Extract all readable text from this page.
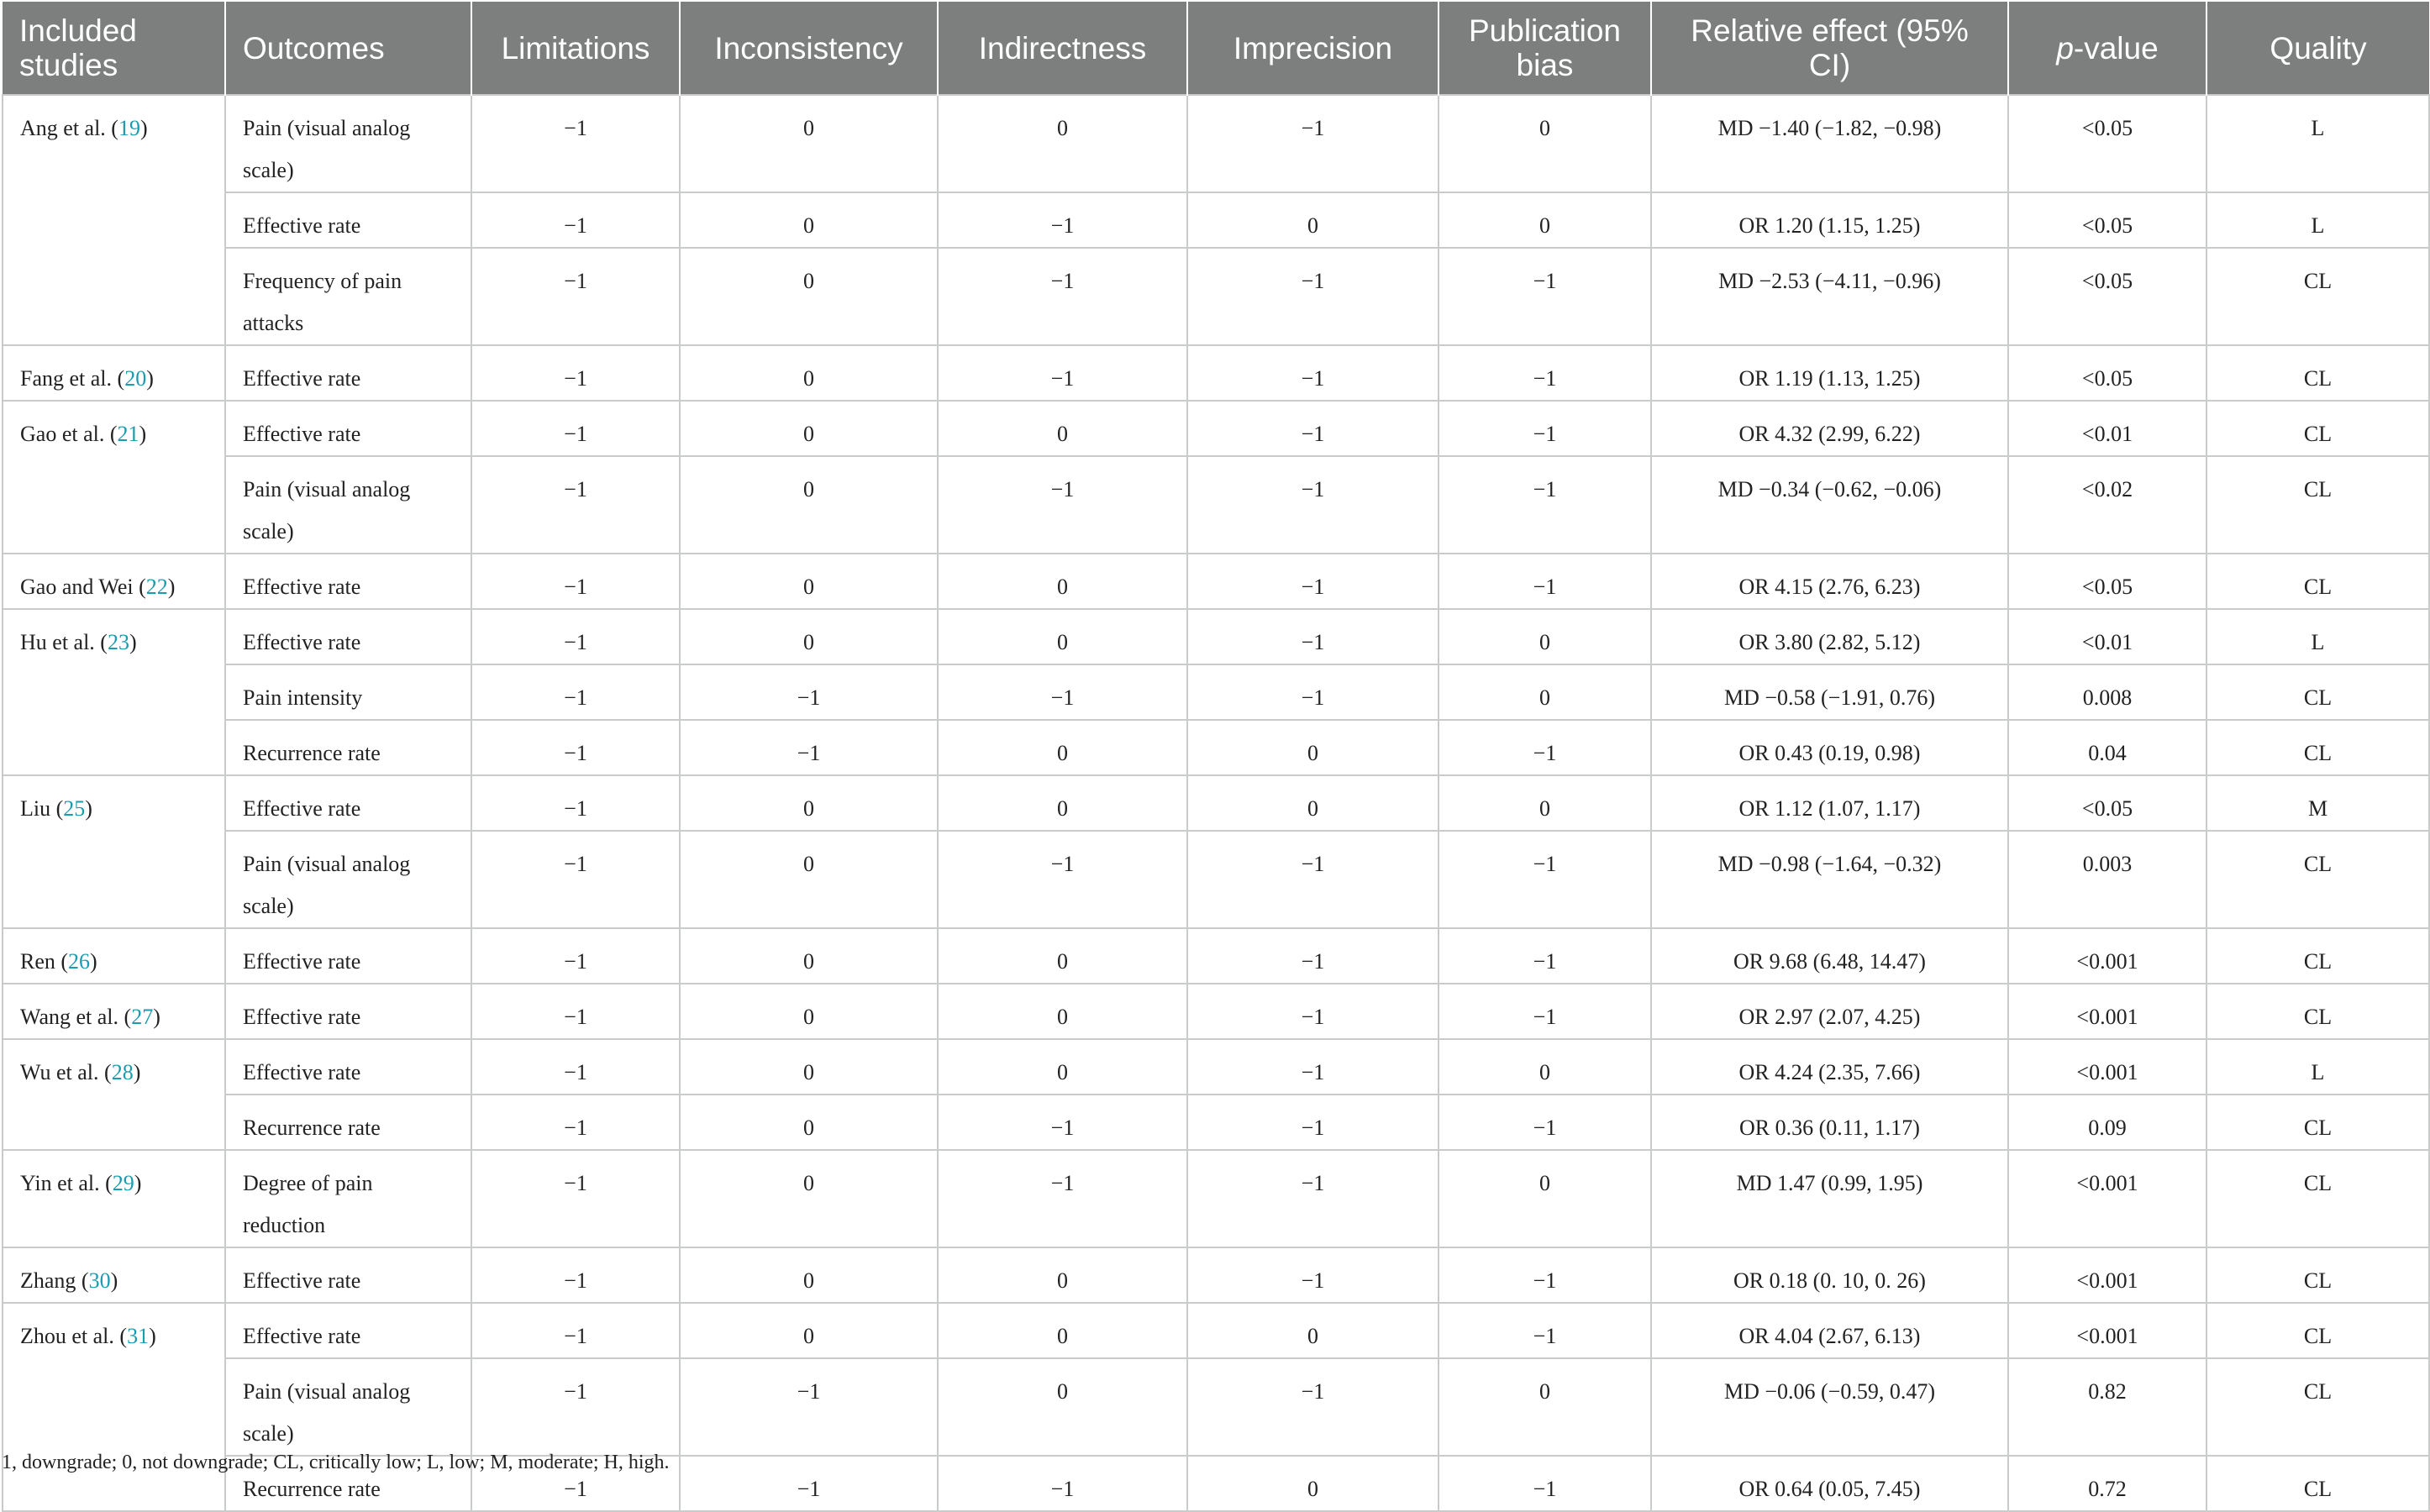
Included studies	Outcomes	Limitations	Inconsistency	Indirectness	Imprecision	Publication bias	Relative effect (95% CI)	p-value	Quality
Ang et al. (19)	Pain (visual analog scale)	−1	0	0	−1	0	MD −1.40 (−1.82, −0.98)	<0.05	L
	Effective rate	−1	0	−1	0	0	OR 1.20 (1.15, 1.25)	<0.05	L
	Frequency of pain attacks	−1	0	−1	−1	−1	MD −2.53 (−4.11, −0.96)	<0.05	CL
Fang et al. (20)	Effective rate	−1	0	−1	−1	−1	OR 1.19 (1.13, 1.25)	<0.05	CL
Gao et al. (21)	Effective rate	−1	0	0	−1	−1	OR 4.32 (2.99, 6.22)	<0.01	CL
	Pain (visual analog scale)	−1	0	−1	−1	−1	MD −0.34 (−0.62, −0.06)	<0.02	CL
Gao and Wei (22)	Effective rate	−1	0	0	−1	−1	OR 4.15 (2.76, 6.23)	<0.05	CL
Hu et al. (23)	Effective rate	−1	0	0	−1	0	OR 3.80 (2.82, 5.12)	<0.01	L
	Pain intensity	−1	−1	−1	−1	0	MD −0.58 (−1.91, 0.76)	0.008	CL
	Recurrence rate	−1	−1	0	0	−1	OR 0.43 (0.19, 0.98)	0.04	CL
Liu (25)	Effective rate	−1	0	0	0	0	OR 1.12 (1.07, 1.17)	<0.05	M
	Pain (visual analog scale)	−1	0	−1	−1	−1	MD −0.98 (−1.64, −0.32)	0.003	CL
Ren (26)	Effective rate	−1	0	0	−1	−1	OR 9.68 (6.48, 14.47)	<0.001	CL
Wang et al. (27)	Effective rate	−1	0	0	−1	−1	OR 2.97 (2.07, 4.25)	<0.001	CL
Wu et al. (28)	Effective rate	−1	0	0	−1	0	OR 4.24 (2.35, 7.66)	<0.001	L
	Recurrence rate	−1	0	−1	−1	−1	OR 0.36 (0.11, 1.17)	0.09	CL
Yin et al. (29)	Degree of pain reduction	−1	0	−1	−1	0	MD 1.47 (0.99, 1.95)	<0.001	CL
Zhang (30)	Effective rate	−1	0	0	−1	−1	OR 0.18 (0. 10, 0. 26)	<0.001	CL
Zhou et al. (31)	Effective rate	−1	0	0	0	−1	OR 4.04 (2.67, 6.13)	<0.001	CL
	Pain (visual analog scale)	−1	−1	0	−1	0	MD −0.06 (−0.59, 0.47)	0.82	CL
	Recurrence rate	−1	−1	−1	0	−1	OR 0.64 (0.05, 7.45)	0.72	CL
1, downgrade; 0, not downgrade; CL, critically low; L, low; M, moderate; H, high.
